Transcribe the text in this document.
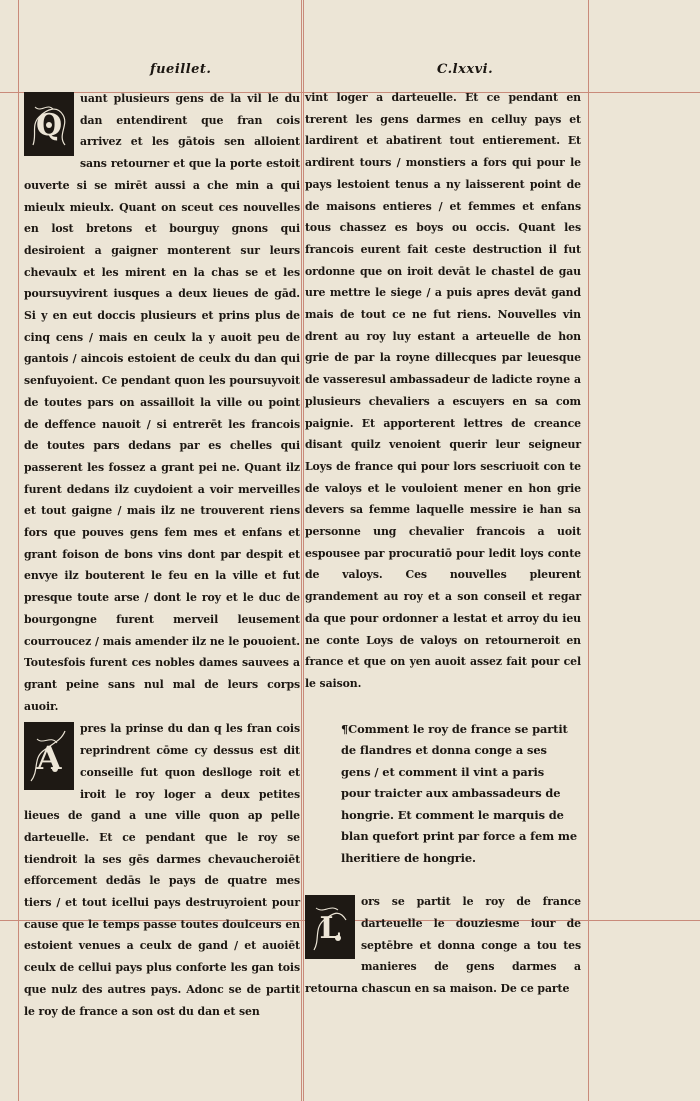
fueillet.	C.lxxvi.

Q
uant plusieurs gens de la vil le du dan entendirent que fran cois arrivez et les gātois sen alloient sans retourner et que la porte estoit ouverte si se mirēt aussi a che min a qui mieulx mieulx. Quant on sceut ces nouvelles en lost bretons et bourguy gnons qui desiroient a gaigner monterent sur leurs chevaulx et les mirent en la chas se et les poursuyvirent iusques a deux lieues de gād. Si y en eut doccis plusieurs et prins plus de cinq cens / mais en ceulx la y auoit peu de gantois / aincois estoient de ceulx du dan qui senfuyoient. Ce pendant quon les poursuyvoit de toutes pars on assailloit la ville ou point de deffence nauoit / si entrerēt les francois de toutes pars dedans par es chelles qui passerent les fossez a grant pei ne. Quant ilz furent dedans ilz cuydoient a voir merveilles et tout gaigne / mais ilz ne trouverent riens fors que pouves gens fem mes et enfans et grant foison de bons vins dont par despit et envye ilz bouterent le feu en la ville et fut presque toute arse / dont le roy et le duc de bourgongne furent merveil leusement courroucez / mais amender ilz ne le pouoient. Toutesfois furent ces nobles dames sauvees a grant peine sans nul mal de leurs corps auoir.

A
pres la prinse du dan q les fran cois reprindrent cōme cy dessus est dit conseille fut quon deslloge roit et iroit le roy loger a deux petites lieues de gand a une ville quon ap pelle darteuelle. Et ce pendant que le roy se tiendroit la ses gēs darmes chevaucheroiēt efforcement dedās le pays de quatre mes tiers / et tout icellui pays destruyroient pour cause que le temps passe toutes doulceurs en estoient venues a ceulx de gand / et auoiēt ceulx de cellui pays plus conforte les gan tois que nulz des autres pays. Adonc se de partit le roy de france a son ost du dan et sen

vint loger a darteuelle. Et ce pendant en trerent les gens darmes en celluy pays et lardirent et abatirent tout entierement. Et ardirent tours / monstiers a fors qui pour le pays lestoient tenus a ny laisserent point de de maisons entieres / et femmes et enfans tous chassez es boys ou occis. Quant les francois eurent fait ceste destruction il fut ordonne que on iroit devāt le chastel de gau ure mettre le siege / a puis apres devāt gand mais de tout ce ne fut riens. Nouvelles vin drent au roy luy estant a arteuelle de hon grie de par la royne dillecques par leuesque de vasseresul ambassadeur de ladicte royne a plusieurs chevaliers a escuyers en sa com paignie. Et apporterent lettres de creance disant quilz venoient querir leur seigneur Loys de france qui pour lors sescriuoit con te de valoys et le vouloient mener en hon grie devers sa femme laquelle messire ie han sa personne ung chevalier francois a uoit espousee par procuratiō pour ledit loys conte de valoys. Ces nouvelles pleurent grandement au roy et a son conseil et regar da que pour ordonner a lestat et arroy du ieu ne conte Loys de valoys on retourneroit en france et que on yen auoit assez fait pour cel le saison.

¶Comment le roy de france se partit de flandres et donna conge a ses gens / et comment il vint a paris pour traicter aux ambassadeurs de hongrie. Et comment le marquis de blan quefort print par force a fem me lheritiere de hongrie.

L
ors se partit le roy de france darteuelle le douziesme iour de septēbre et donna conge a tou tes manieres de gens darmes a retourna chascun en sa maison. De ce parte
